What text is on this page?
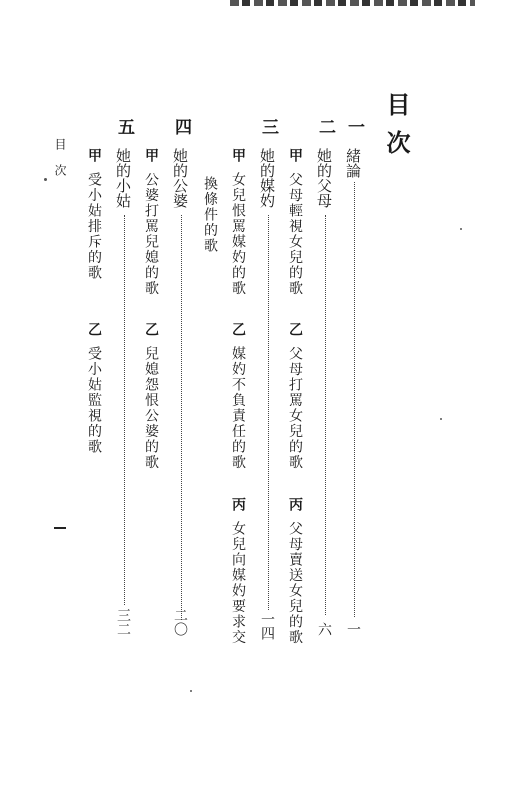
目次
一
緒論
一
二
她的父母
六
甲
父母輕視女兒的歌
乙
父母打罵女兒的歌
丙
父母賣送女兒的歌
三
她的媒妁
一四
甲
女兒恨罵媒妁的歌
乙
媒妁不負責任的歌
丙
女兒向媒妁要求交
換條件的歌
四
她的公婆
二〇
甲
公婆打罵兒媳的歌
乙
兒媳怨恨公婆的歌
五
她的小姑
三二
甲
受小姑排斥的歌
乙
受小姑監視的歌
目次
